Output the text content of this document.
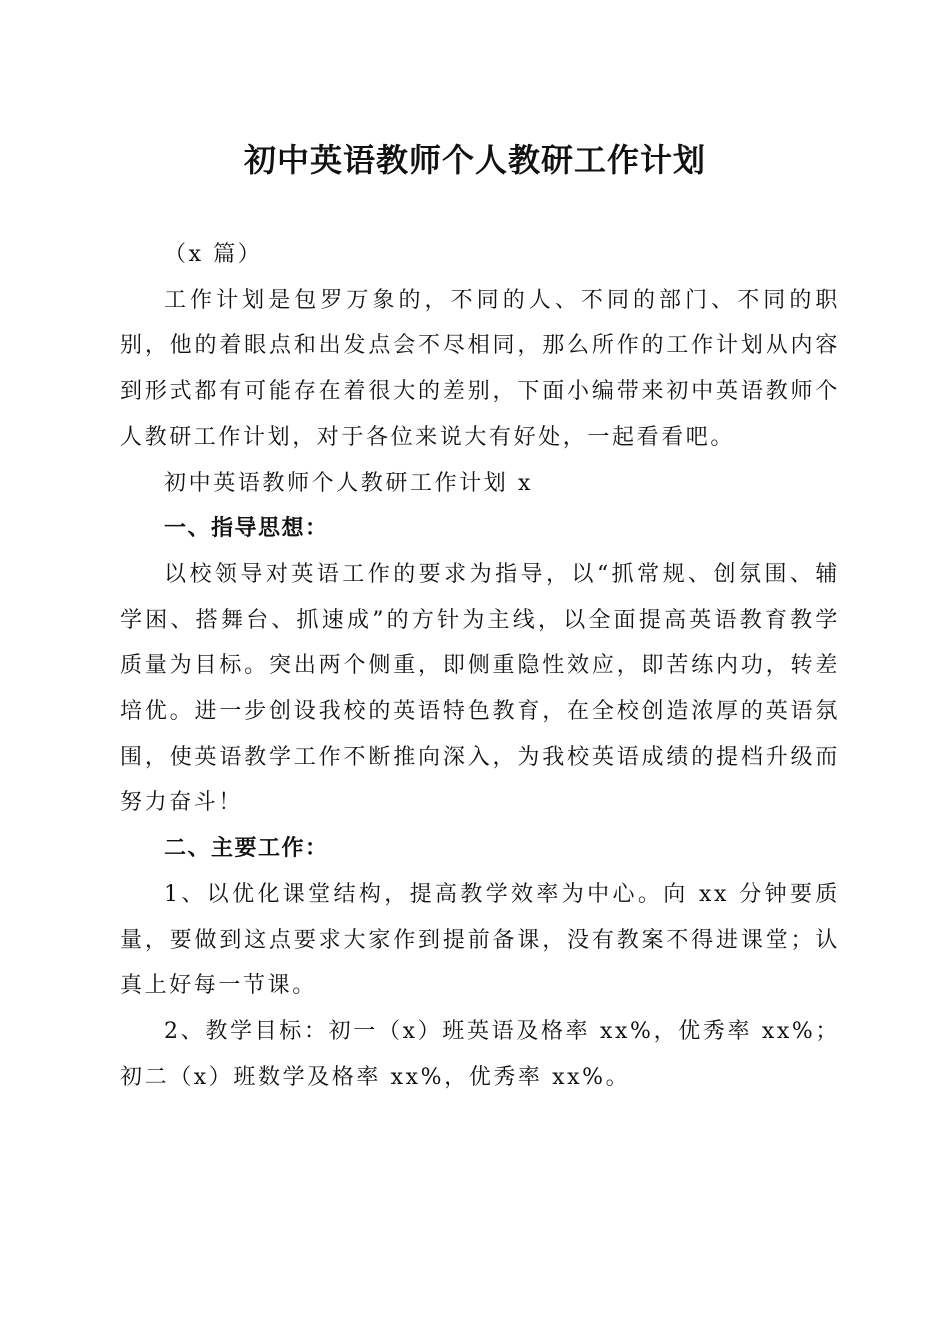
初中英语教师个人教研工作计划

（x 篇）

工作计划是包罗万象的，不同的人、不同的部门、不同的职别，他的着眼点和出发点会不尽相同，那么所作的工作计划从内容到形式都有可能存在着很大的差别，下面小编带来初中英语教师个人教研工作计划，对于各位来说大有好处，一起看看吧。

初中英语教师个人教研工作计划 x

一、指导思想：

以校领导对英语工作的要求为指导，以“抓常规、创氛围、辅学困、搭舞台、抓速成”的方针为主线，以全面提高英语教育教学质量为目标。突出两个侧重，即侧重隐性效应，即苦练内功，转差培优。进一步创设我校的英语特色教育，在全校创造浓厚的英语氛围，使英语教学工作不断推向深入，为我校英语成绩的提档升级而努力奋斗！

二、主要工作：

1、以优化课堂结构，提高教学效率为中心。向 xx 分钟要质量，要做到这点要求大家作到提前备课，没有教案不得进课堂；认真上好每一节课。

2、教学目标：初一（x）班英语及格率 xx%，优秀率 xx%；初二（x）班数学及格率 xx%，优秀率 xx%。
